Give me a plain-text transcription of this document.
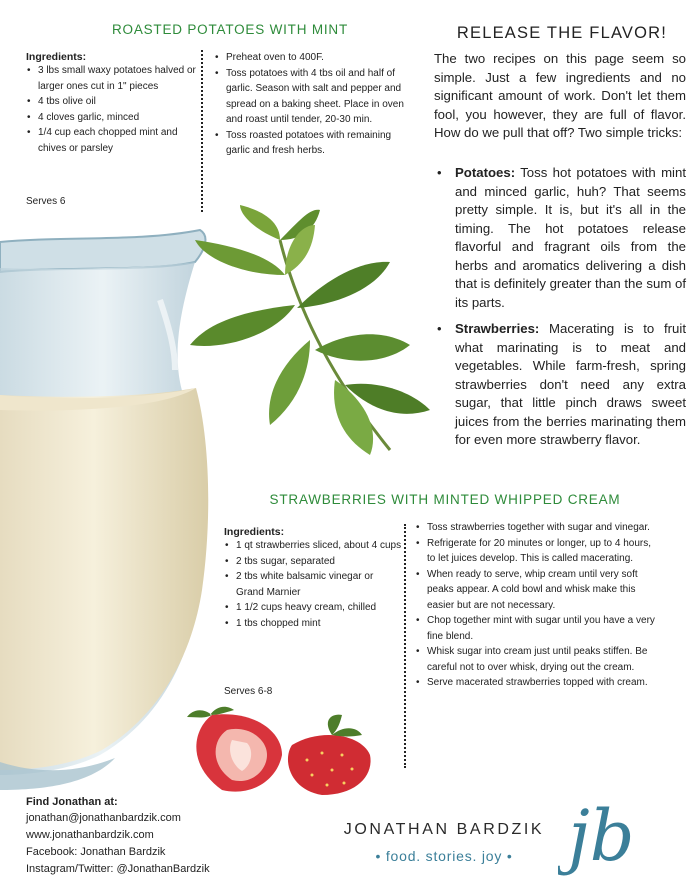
ROASTED POTATOES WITH MINT
Ingredients:
• 3 lbs small waxy potatoes halved or larger ones cut in 1" pieces
• 4 tbs olive oil
• 4 cloves garlic, minced
• 1/4 cup each chopped mint and chives or parsley
Serves 6
• Preheat oven to 400F.
• Toss potatoes with 4 tbs oil and half of garlic. Season with salt and pepper and spread on a baking sheet. Place in oven and roast until tender, 20-30 min.
• Toss roasted potatoes with remaining garlic and fresh herbs.
RELEASE THE FLAVOR!
The two recipes on this page seem so simple. Just a few ingredients and no significant amount of work. Don't let them fool, you however, they are full of flavor. How do we pull that off? Two simple tricks:
• Potatoes: Toss hot potatoes with mint and minced garlic, huh? That seems pretty simple. It is, but it's all in the timing. The hot potatoes release flavorful and fragrant oils from the herbs and aromatics delivering a dish that is definitely greater than the sum of its parts.
• Strawberries: Macerating is to fruit what marinating is to meat and vegetables. While farm-fresh, spring strawberries don't need any extra sugar, that little pinch draws sweet juices from the berries marinating them for even more strawberry flavor.
STRAWBERRIES WITH MINTED WHIPPED CREAM
Ingredients:
• 1 qt strawberries sliced, about 4 cups
• 2 tbs sugar, separated
• 2 tbs white balsamic vinegar or Grand Marnier
• 1 1/2 cups heavy cream, chilled
• 1 tbs chopped mint
Serves 6-8
• Toss strawberries together with sugar and vinegar.
• Refrigerate for 20 minutes or longer, up to 4 hours, to let juices develop. This is called macerating.
• When ready to serve, whip cream until very soft peaks appear. A cold bowl and whisk make this easier but are not necessary.
• Chop together mint with sugar until you have a very fine blend.
• Whisk sugar into cream just until peaks stiffen. Be careful not to over whisk, drying out the cream.
• Serve macerated strawberries topped with cream.
Find Jonathan at:
jonathan@jonathanbardzik.com
www.jonathanbardzik.com
Facebook: Jonathan Bardzik
Instagram/Twitter: @JonathanBardzik
JONATHAN BARDZIK
• food. stories. joy • jb
